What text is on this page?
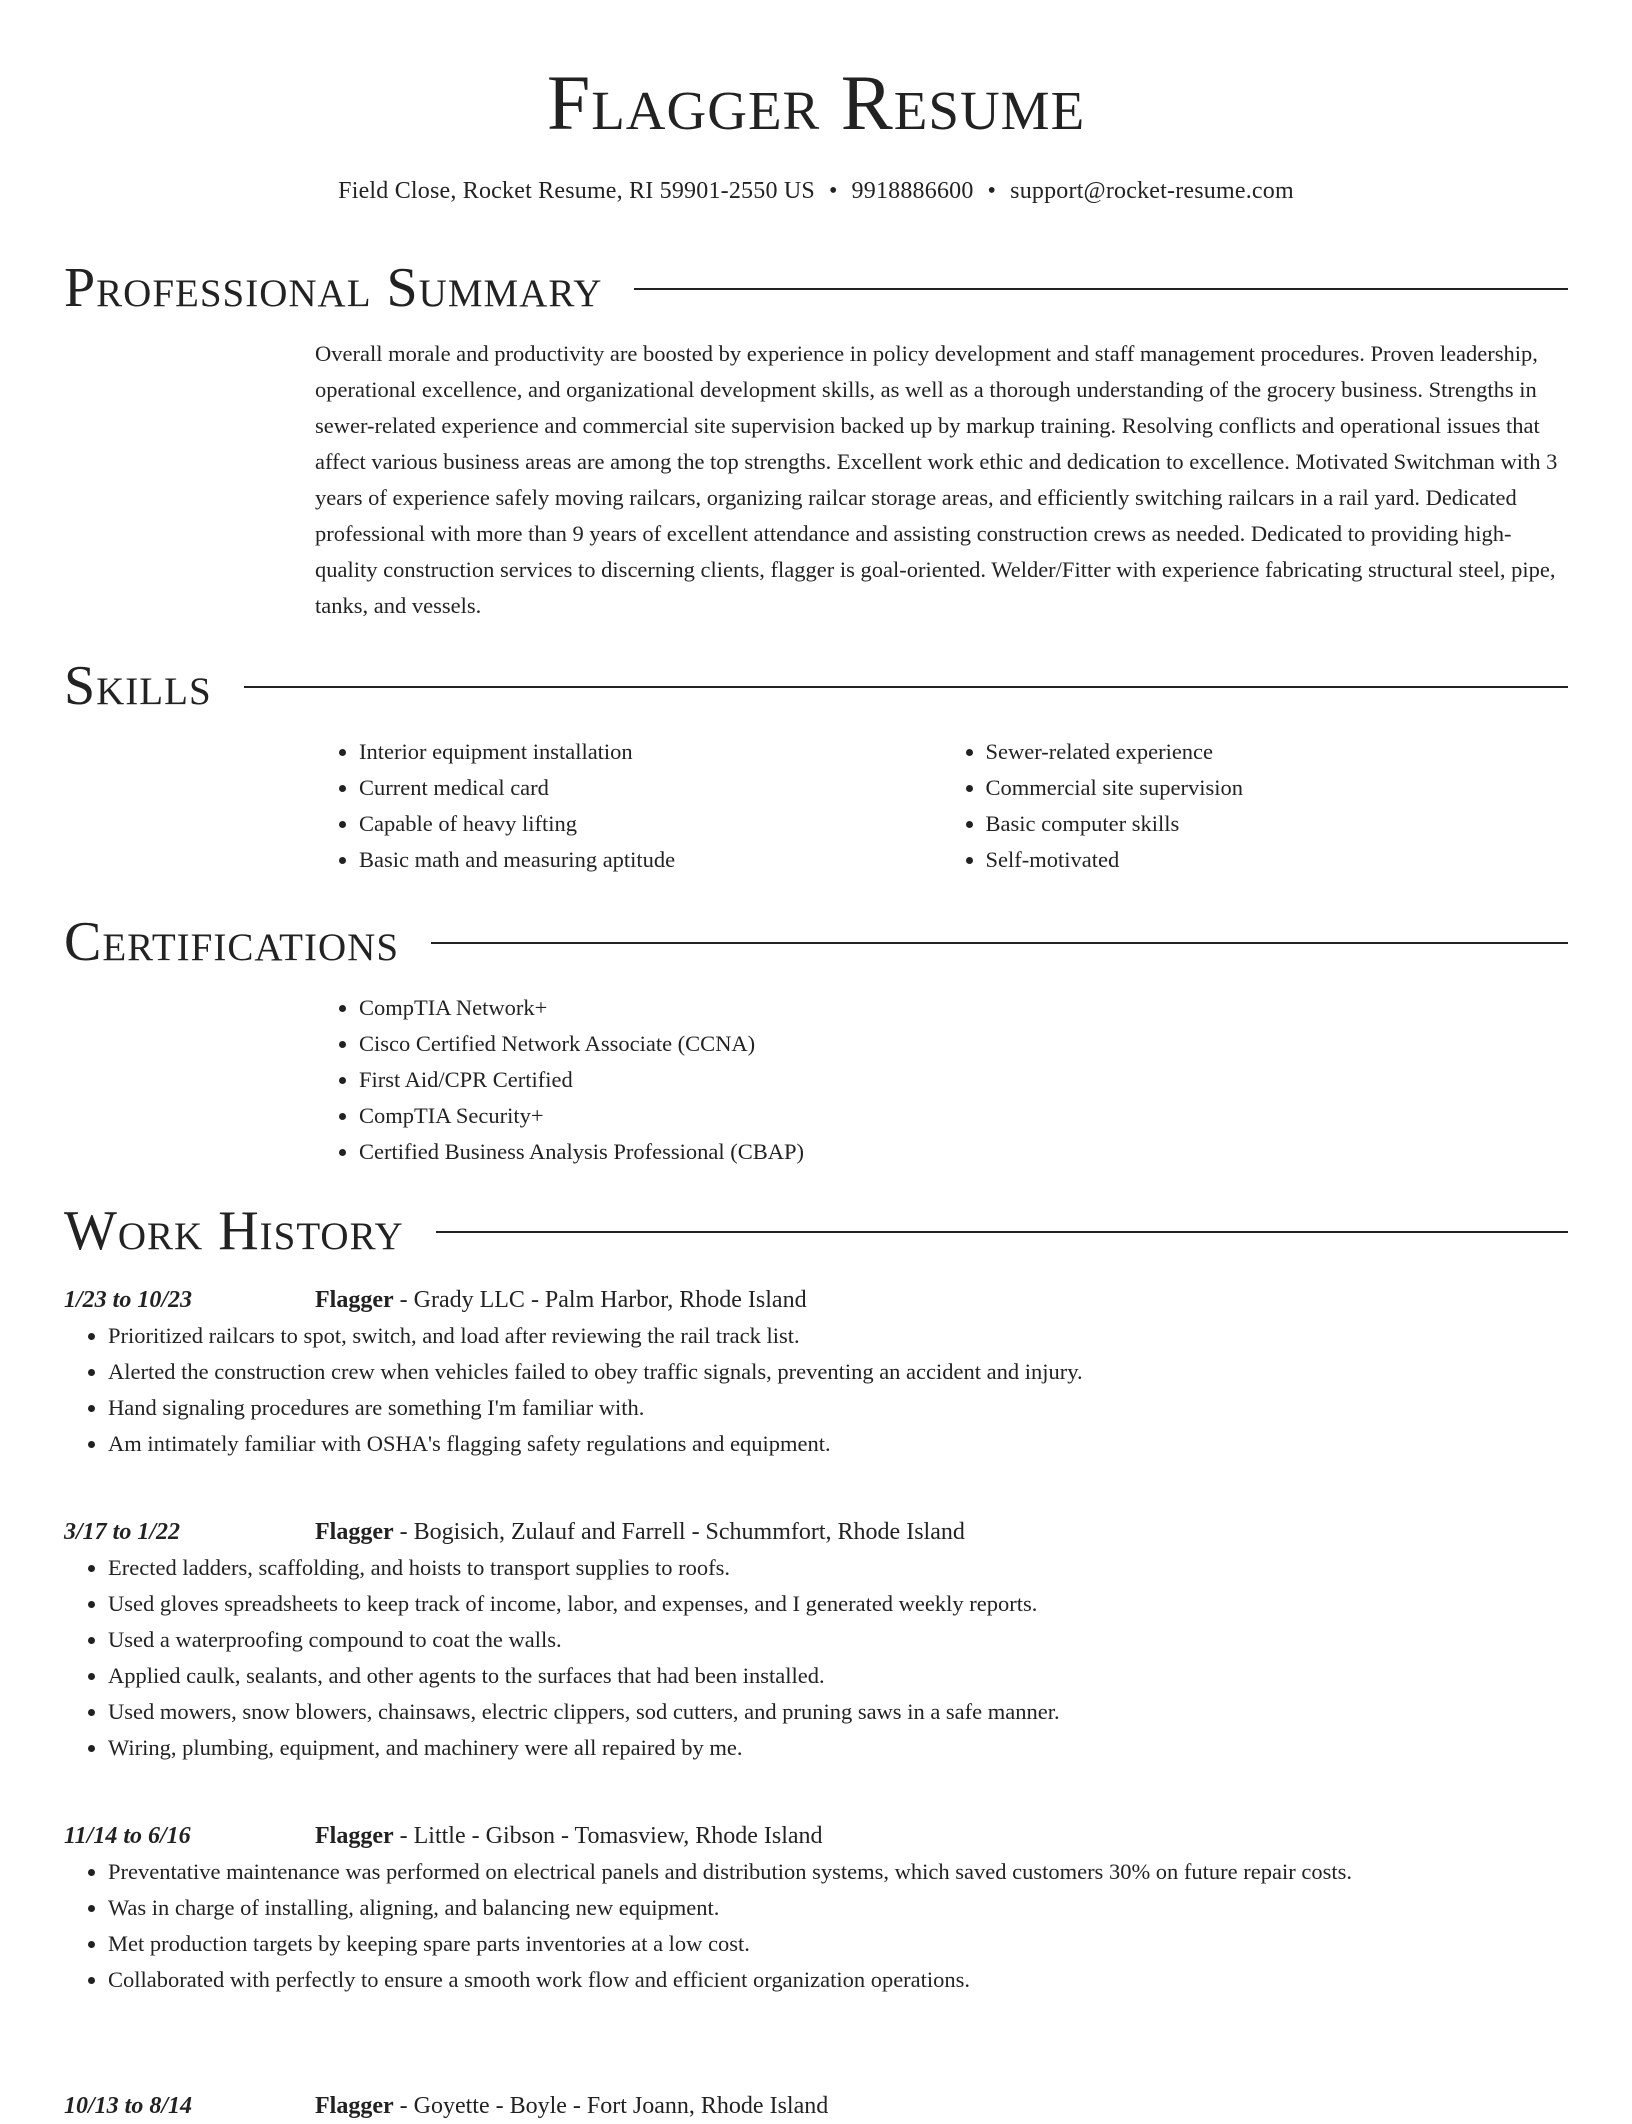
Flagger Resume
Field Close, Rocket Resume, RI 59901-2550 US • 9918886600 • support@rocket-resume.com
Professional Summary

Overall morale and productivity are boosted by experience in policy development and staff management procedures. Proven leadership, operational excellence, and organizational development skills, as well as a thorough understanding of the grocery business. Strengths in sewer-related experience and commercial site supervision backed up by markup training. Resolving conflicts and operational issues that affect various business areas are among the top strengths. Excellent work ethic and dedication to excellence. Motivated Switchman with 3 years of experience safely moving railcars, organizing railcar storage areas, and efficiently switching railcars in a rail yard. Dedicated professional with more than 9 years of excellent attendance and assisting construction crews as needed. Dedicated to providing high-quality construction services to discerning clients, flagger is goal-oriented. Welder/Fitter with experience fabricating structural steel, pipe, tanks, and vessels.

Skills
• Interior equipment installation
• Current medical card
• Capable of heavy lifting
• Basic math and measuring aptitude
• Sewer-related experience
• Commercial site supervision
• Basic computer skills
• Self-motivated
Certifications
• CompTIA Network+
• Cisco Certified Network Associate (CCNA)
• First Aid/CPR Certified
• CompTIA Security+
• Certified Business Analysis Professional (CBAP)
Work History
1/23 to 10/23	Flagger - Grady LLC - Palm Harbor, Rhode Island
• Prioritized railcars to spot, switch, and load after reviewing the rail track list.
• Alerted the construction crew when vehicles failed to obey traffic signals, preventing an accident and injury.
• Hand signaling procedures are something I'm familiar with.
• Am intimately familiar with OSHA's flagging safety regulations and equipment.
3/17 to 1/22	Flagger - Bogisich, Zulauf and Farrell - Schummfort, Rhode Island
• Erected ladders, scaffolding, and hoists to transport supplies to roofs.
• Used gloves spreadsheets to keep track of income, labor, and expenses, and I generated weekly reports.
• Used a waterproofing compound to coat the walls.
• Applied caulk, sealants, and other agents to the surfaces that had been installed.
• Used mowers, snow blowers, chainsaws, electric clippers, sod cutters, and pruning saws in a safe manner.
• Wiring, plumbing, equipment, and machinery were all repaired by me.
11/14 to 6/16	Flagger - Little - Gibson - Tomasview, Rhode Island
• Preventative maintenance was performed on electrical panels and distribution systems, which saved customers 30% on future repair costs.
• Was in charge of installing, aligning, and balancing new equipment.
• Met production targets by keeping spare parts inventories at a low cost.
• Collaborated with perfectly to ensure a smooth work flow and efficient organization operations.
10/13 to 8/14	Flagger - Goyette - Boyle - Fort Joann, Rhode Island
